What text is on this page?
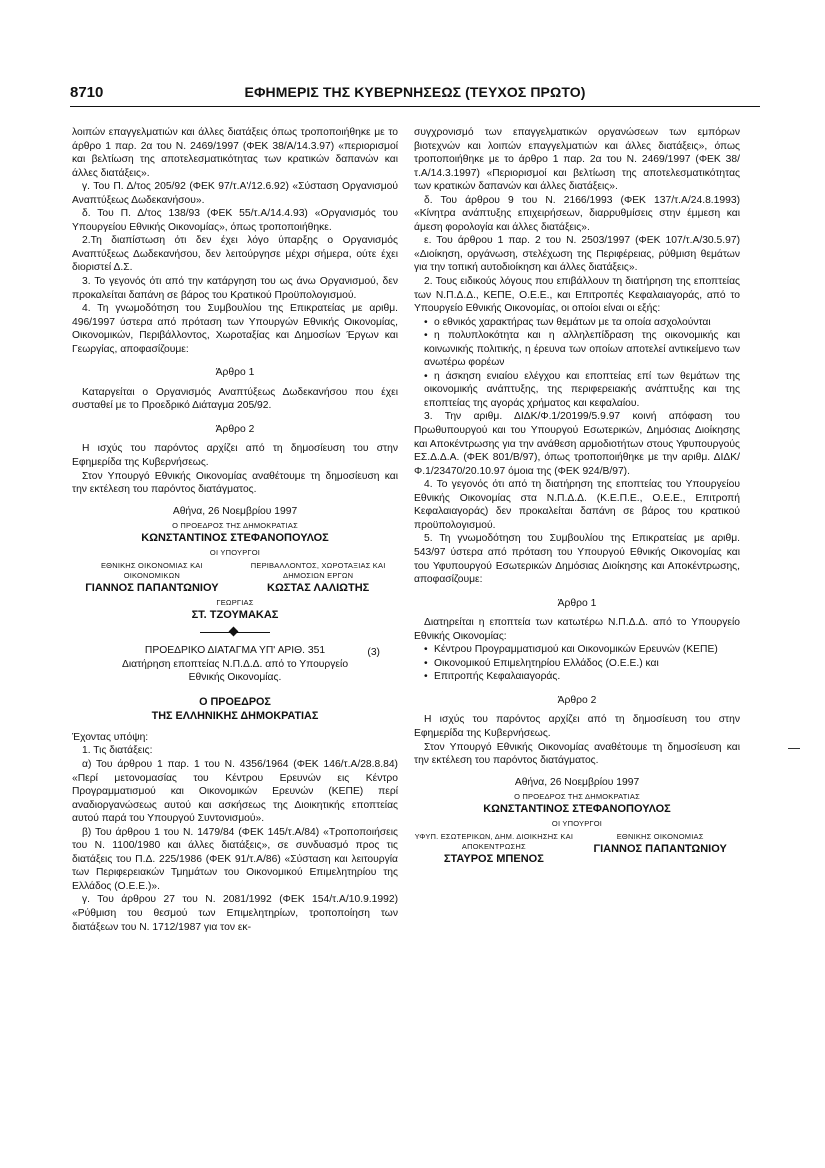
8710	ΕΦΗΜΕΡΙΣ ΤΗΣ ΚΥΒΕΡΝΗΣΕΩΣ (ΤΕΥΧΟΣ ΠΡΩΤΟ)

λοιπών επαγγελματιών και άλλες διατάξεις όπως τροποποιήθηκε με το άρθρο 1 παρ. 2α του Ν. 2469/1997 (ΦΕΚ 38/Α/14.3.97) «περιορισμοί και βελτίωση της αποτελεσματικότητας των κρατικών δαπανών και άλλες διατάξεις».

γ. Του Π. Δ/τος 205/92 (ΦΕΚ 97/τ.Α'/12.6.92) «Σύσταση Οργανισμού Αναπτύξεως Δωδεκανήσου».

δ. Του Π. Δ/τος 138/93 (ΦΕΚ 55/τ.Α/14.4.93) «Οργανισμός του Υπουργείου Εθνικής Οικονομίας», όπως τροποποιήθηκε.

2.Τη διαπίστωση ότι δεν έχει λόγο ύπαρξης ο Οργανισμός Αναπτύξεως Δωδεκανήσου, δεν λειτούργησε μέχρι σήμερα, ούτε έχει διοριστεί Δ.Σ.

3. Το γεγονός ότι από την κατάργηση του ως άνω Οργανισμού, δεν προκαλείται δαπάνη σε βάρος του Κρατικού Προϋπολογισμού.

4. Τη γνωμοδότηση του Συμβουλίου της Επικρατείας με αριθμ. 496/1997 ύστερα από πρόταση των Υπουργών Εθνικής Οικονομίας, Οικονομικών, Περιβάλλοντος, Χωροταξίας και Δημοσίων Έργων και Γεωργίας, αποφασίζουμε:

Άρθρο 1

Καταργείται ο Οργανισμός Αναπτύξεως Δωδεκανήσου που έχει συσταθεί με το Προεδρικό Διάταγμα 205/92.

Άρθρο 2

Η ισχύς του παρόντος αρχίζει από τη δημοσίευση του στην Εφημερίδα της Κυβερνήσεως.

Στον Υπουργό Εθνικής Οικονομίας αναθέτουμε τη δημοσίευση και την εκτέλεση του παρόντος διατάγματος.

Αθήνα, 26 Νοεμβρίου 1997
Ο ΠΡΟΕΔΡΟΣ ΤΗΣ ΔΗΜΟΚΡΑΤΙΑΣ
ΚΩΝΣΤΑΝΤΙΝΟΣ ΣΤΕΦΑΝΟΠΟΥΛΟΣ
ΟΙ ΥΠΟΥΡΓΟΙ
ΕΘΝΙΚΗΣ ΟΙΚΟΝΟΜΙΑΣ ΚΑΙ ΟΙΚΟΝΟΜΙΚΩΝ
ΓΙΑΝΝΟΣ ΠΑΠΑΝΤΩΝΙΟΥ
ΠΕΡΙΒΑΛΛΟΝΤΟΣ, ΧΩΡΟΤΑΞΙΑΣ ΚΑΙ ΔΗΜΟΣΙΩΝ ΕΡΓΩΝ
ΚΩΣΤΑΣ ΛΑΛΙΩΤΗΣ
ΓΕΩΡΓΙΑΣ
ΣΤ. ΤΖΟΥΜΑΚΑΣ
ΠΡΟΕΔΡΙΚΟ ΔΙΑΤΑΓΜΑ ΥΠ' ΑΡΙΘ. 351	(3)
Διατήρηση εποπτείας Ν.Π.Δ.Δ. από το Υπουργείο Εθνικής Οικονομίας.
Ο ΠΡΟΕΔΡΟΣ
ΤΗΣ ΕΛΛΗΝΙΚΗΣ ΔΗΜΟΚΡΑΤΙΑΣ

Έχοντας υπόψη:

1. Τις διατάξεις:

α) Του άρθρου 1 παρ. 1 του Ν. 4356/1964 (ΦΕΚ 146/τ.Α/28.8.84) «Περί μετονομασίας του Κέντρου Ερευνών εις Κέντρο Προγραμματισμού και Οικονομικών Ερευνών (ΚΕΠΕ) περί αναδιοργανώσεως αυτού και ασκήσεως της Διοικητικής εποπτείας αυτού παρά του Υπουργού Συντονισμού».

β) Του άρθρου 1 του Ν. 1479/84 (ΦΕΚ 145/τ.Α/84) «Τροποποιήσεις του Ν. 1100/1980 και άλλες διατάξεις», σε συνδυασμό προς τις διατάξεις του Π.Δ. 225/1986 (ΦΕΚ 91/τ.Α/86) «Σύσταση και λειτουργία των Περιφερειακών Τμημάτων του Οικονομικού Επιμελητηρίου της Ελλάδος (Ο.Ε.Ε.)».

γ. Του άρθρου 27 του Ν. 2081/1992 (ΦΕΚ 154/τ.Α/10.9.1992) «Ρύθμιση του θεσμού των Επιμελητηρίων, τροποποίηση των διατάξεων του Ν. 1712/1987 για τον εκ-

συγχρονισμό των επαγγελματικών οργανώσεων των εμπόρων βιοτεχνών και λοιπών επαγγελματιών και άλλες διατάξεις», όπως τροποποιήθηκε με το άρθρο 1 παρ. 2α του Ν. 2469/1997 (ΦΕΚ 38/τ.Α/14.3.1997) «Περιορισμοί και βελτίωση της αποτελεσματικότητας των κρατικών δαπανών και άλλες διατάξεις».

δ. Του άρθρου 9 του Ν. 2166/1993 (ΦΕΚ 137/τ.Α/24.8.1993) «Κίνητρα ανάπτυξης επιχειρήσεων, διαρρυθμίσεις στην έμμεση και άμεση φορολογία και άλλες διατάξεις».

ε. Του άρθρου 1 παρ. 2 του Ν. 2503/1997 (ΦΕΚ 107/τ.Α/30.5.97) «Διοίκηση, οργάνωση, στελέχωση της Περιφέρειας, ρύθμιση θεμάτων για την τοπική αυτοδιοίκηση και άλλες διατάξεις».

2. Τους ειδικούς λόγους που επιβάλλουν τη διατήρηση της εποπτείας των Ν.Π.Δ.Δ., ΚΕΠΕ, Ο.Ε.Ε., και Επιτροπές Κεφαλαιαγοράς, από το Υπουργείο Εθνικής Οικονομίας, οι οποίοι είναι οι εξής:

• ο εθνικός χαρακτήρας των θεμάτων με τα οποία ασχολούνται

• η πολυπλοκότητα και η αλληλεπίδραση της οικονομικής και κοινωνικής πολιτικής, η έρευνα των οποίων αποτελεί αντικείμενο των ανωτέρω φορέων

• η άσκηση ενιαίου ελέγχου και εποπτείας επί των θεμάτων της οικονομικής ανάπτυξης, της περιφερειακής ανάπτυξης και της εποπτείας της αγοράς χρήματος και κεφαλαίου.

3. Την αριθμ. ΔΙΔΚ/Φ.1/20199/5.9.97 κοινή απόφαση του Πρωθυπουργού και του Υπουργού Εσωτερικών, Δημόσιας Διοίκησης και Αποκέντρωσης για την ανάθεση αρμοδιοτήτων στους Υφυπουργούς ΕΣ.Δ.Δ.Α. (ΦΕΚ 801/Β/97), όπως τροποποιήθηκε με την αριθμ. ΔΙΔΚ/Φ.1/23470/20.10.97 όμοια της (ΦΕΚ 924/Β/97).

4. Το γεγονός ότι από τη διατήρηση της εποπτείας του Υπουργείου Εθνικής Οικονομίας στα Ν.Π.Δ.Δ. (Κ.Ε.Π.Ε., Ο.Ε.Ε., Επιτροπή Κεφαλαιαγοράς) δεν προκαλείται δαπάνη σε βάρος του κρατικού προϋπολογισμού.

5. Τη γνωμοδότηση του Συμβουλίου της Επικρατείας με αριθμ. 543/97 ύστερα από πρόταση του Υπουργού Εθνικής Οικονομίας και του Υφυπουργού Εσωτερικών Δημόσιας Διοίκησης και Αποκέντρωσης, αποφασίζουμε:

Άρθρο 1

Διατηρείται η εποπτεία των κατωτέρω Ν.Π.Δ.Δ. από το Υπουργείο Εθνικής Οικονομίας:

• Κέντρου Προγραμματισμού και Οικονομικών Ερευνών (ΚΕΠΕ)

• Οικονομικού Επιμελητηρίου Ελλάδος (Ο.Ε.Ε.) και

• Επιτροπής Κεφαλαιαγοράς.

Άρθρο 2

Η ισχύς του παρόντος αρχίζει από τη δημοσίευση του στην Εφημερίδα της Κυβερνήσεως.

Στον Υπουργό Εθνικής Οικονομίας αναθέτουμε τη δημοσίευση και την εκτέλεση του παρόντος διατάγματος.

Αθήνα, 26 Νοεμβρίου 1997
Ο ΠΡΟΕΔΡΟΣ ΤΗΣ ΔΗΜΟΚΡΑΤΙΑΣ
ΚΩΝΣΤΑΝΤΙΝΟΣ ΣΤΕΦΑΝΟΠΟΥΛΟΣ
ΟΙ ΥΠΟΥΡΓΟΙ
ΥΦΥΠ. ΕΣΩΤΕΡΙΚΩΝ, ΔΗΜ. ΔΙΟΙΚΗΣΗΣ ΚΑΙ ΑΠΟΚΕΝΤΡΩΣΗΣ
ΣΤΑΥΡΟΣ ΜΠΕΝΟΣ
ΕΘΝΙΚΗΣ ΟΙΚΟΝΟΜΙΑΣ
ΓΙΑΝΝΟΣ ΠΑΠΑΝΤΩΝΙΟΥ
